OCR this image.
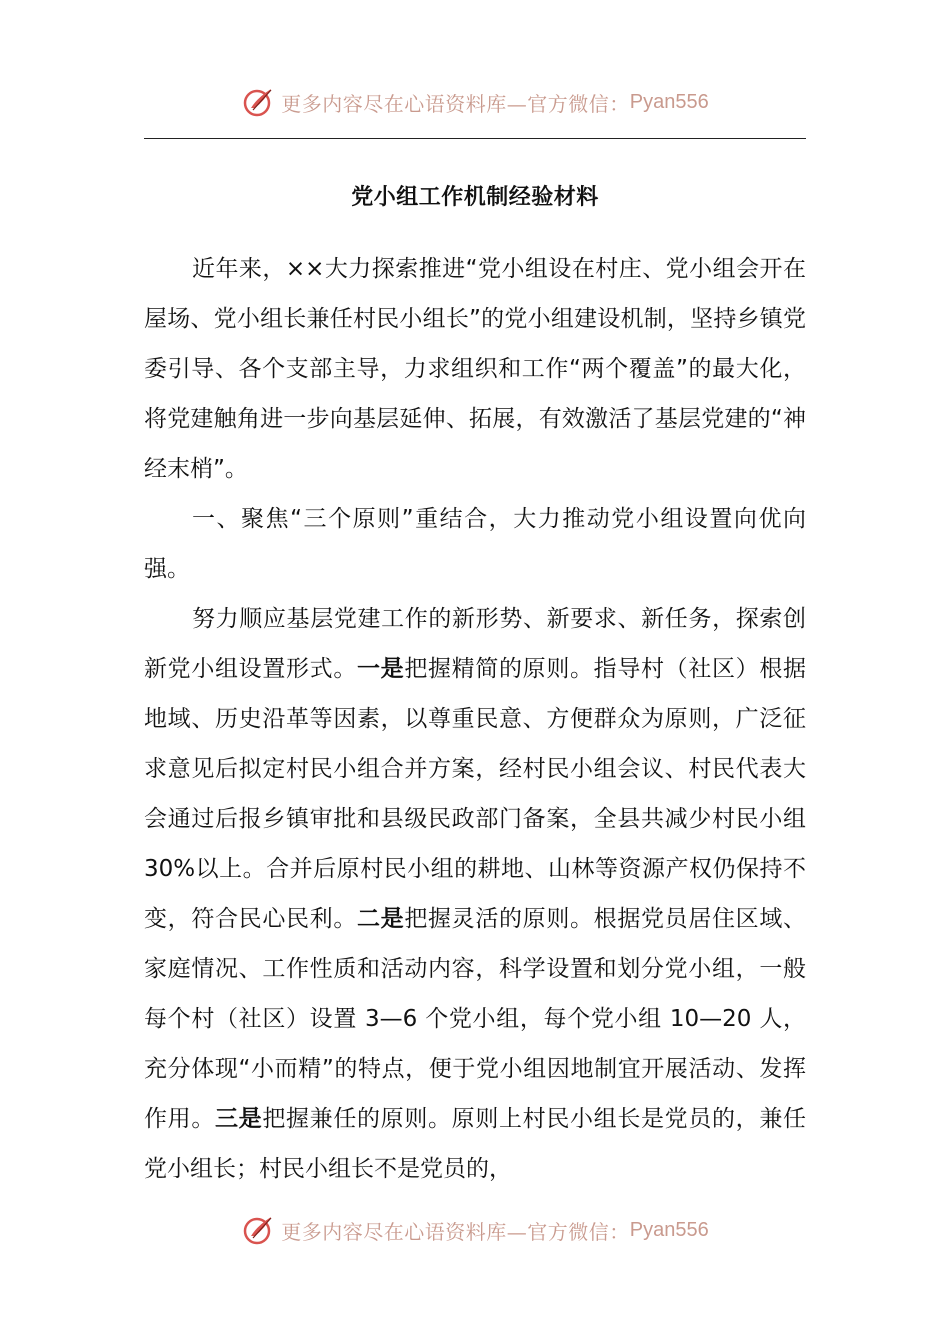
更多内容尽在心语资料库—官方微信： Pyan556
党小组工作机制经验材料

近年来，××大力探索推进“党小组设在村庄、党小组会开在屋场、党小组长兼任村民小组长”的党小组建设机制，坚持乡镇党委引导、各个支部主导，力求组织和工作“两个覆盖”的最大化，将党建触角进一步向基层延伸、拓展，有效激活了基层党建的“神经末梢”。

一、聚焦“三个原则”重结合，大力推动党小组设置向优向强。

努力顺应基层党建工作的新形势、新要求、新任务，探索创新党小组设置形式。一是把握精简的原则。指导村（社区）根据地域、历史沿革等因素，以尊重民意、方便群众为原则，广泛征求意见后拟定村民小组合并方案，经村民小组会议、村民代表大会通过后报乡镇审批和县级民政部门备案，全县共减少村民小组 30%以上。合并后原村民小组的耕地、山林等资源产权仍保持不变，符合民心民利。二是把握灵活的原则。根据党员居住区域、家庭情况、工作性质和活动内容，科学设置和划分党小组，一般每个村（社区）设置 3—6 个党小组，每个党小组 10—20 人，充分体现“小而精”的特点，便于党小组因地制宜开展活动、发挥作用。三是把握兼任的原则。原则上村民小组长是党员的，兼任党小组长；村民小组长不是党员的，

更多内容尽在心语资料库—官方微信： Pyan556
